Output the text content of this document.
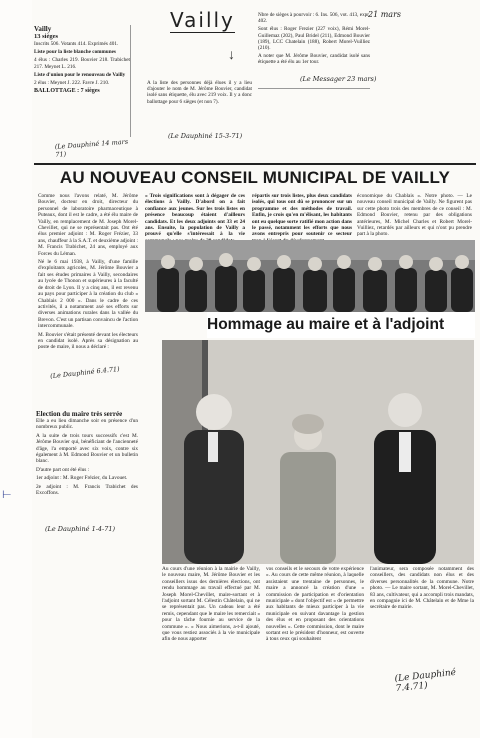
Vailly
13 sièges

Inscrits 506. Votants 414. Exprimés 401.

Liste pour la liste blanche communes

4 élus : Charles 219. Bouvier 218. Trabichet 217. Meynet L. 216.

Liste d'union pour le renouveau de Vailly

2 élus : Meynet J. 222. Favre J. 210.

BALLOTTAGE : 7 sièges

(Le Dauphiné 14 mars 71)
Vailly
↓

A la liste des personnes déjà élues il y a lieu d'ajouter le nom de M. Jérôme Bouvier, candidat isolé sans étiquette, élu avec 219 voix. Il y a donc ballottage pour 6 sièges (et non 7).

(Le Dauphiné 15-3-71)

Nbre de sièges à pourvoir : 6. Ins. 506, vot. 413, expr. 402.

Sont élus : Roger Frezier (227 voix), Rémi Morel-Guillemaz (202), Paul Bridel (211), Edmond Bouvier (189), LCC Chatelain (188), Robert Morel-Vuilliez (210).

A noter que M. Jérôme Bouvier, candidat isolé sans étiquette a été élu au 1er tour.

21 mars
(Le Messager 23 mars)
AU NOUVEAU CONSEIL MUNICIPAL DE VAILLY

Comme nous l'avons relaté, M. Jérôme Bouvier, docteur en droit, directeur du personnel de laboratoire pharmaceutique à Puteaux, dont il est le cadre, a été élu maire de Vailly, en remplacement de M. Joseph Morel-Chevillet, qui ne se représentait pas. Ont été élus premier adjoint : M. Roger Frézier, 33 ans, chauffeur à la S.A.T. et deuxième adjoint : M. Francis Trabichet, 24 ans, employé aux Forces du Léman.

Né le 6 mai 1938, à Vailly, d'une famille d'exploitants agricoles, M. Jérôme Bouvier a fait ses études primaires à Vailly, secondaires au lycée de Thonon et supérieures à la faculté de droit de Lyon. Il y a cinq ans, il est revenu au pays pour participer à la création du club « Chablais 2 000 ». Dans le cadre de ces activités, il a notamment axé ses efforts sur diverses animations rurales dans la vallée du Brevon. C'est un partisan convaincu de l'action intercommunale.

M. Bouvier s'était présenté devant les électeurs en candidat isolé. Après sa désignation au poste de maire, il nous a déclaré :

(Le Dauphiné 6.4.71)

« Trois significations sont à dégager de ces élections à Vailly. D'abord on a fait confiance aux jeunes. Sur les trois listes en présence beaucoup étaient d'ailleurs candidats. Et les deux adjoints ont 33 et 24 ans. Ensuite, la population de Vailly a prouvé qu'elle s'intéressait à la vie

répartis sur trois listes, plus deux candidats isolés, qui tous ont dû se prononcer sur un programme et des méthodes de travail. Enfin, je crois qu'en m'élisant, les habitants ont eu quelque sorte ratifié mon action dans le passé, notamment les efforts que nous avons entrepris pour soutenir ce secteur

économique du Chablais ». Notre photo. — Le nouveau conseil municipal de Vailly. Ne figurent pas sur cette photo trois des membres de ce conseil : M. Edmond Bouvier, retenu par des obligations antérieures, M. Michel Charles et Robert Morel-Vuilliez, retardés par ailleurs et qui n'ont pu prendre part à la photo.

Hommage au maire et à l'adjoint
Election du maire très serrée

Elle a eu lieu dimanche soir en présence d'un nombreux public.

A la suite de trois tours successifs c'est M. Jérôme Bouvier qui, bénéficiant de l'ancienneté d'âge, l'a emporté avec six voix, contre six également à M. Edmond Bouvier et un bulletin blanc.

D'autre part ont été élus :

1er adjoint : M. Roger Frézier, du Lavouet.

2e adjoint : M. Francis Trabichet des Excoffons.

(Le Dauphiné 1-4-71)
⊢

Au cours d'une réunion à la mairie de Vailly, le nouveau maire, M. Jérôme Bouvier et les conseillers issus des dernières élections, ont rendu hommage au travail effectué par M. Joseph Morel-Chevillet, maire-sortant et à l'adjoint sortant M. Célestin Châtelain, qui ne se représentait pas. Un cadeau leur a été remis, cependant que le maire les remerciait « pour la tâche fournie au service de la commune ». « Nous aimerions, a-t-il ajouté, que vous restiez associés à la vie municipale afin de nous apporter

vos conseils et le secours de votre expérience ». Au cours de cette même réunion, à laquelle assistaient une trentaine de personnes, le maire a annoncé la création d'une « commission de participation et d'orientation municipale » dont l'objectif est « de permettre aux habitants de mieux participer à la vie municipale en suivant davantage la gestion des élus et en proposant des orientations nouvelles ». Cette commission, dont le maire sortant est le président d'honneur, est ouverte à tous ceux qui souhaitent

l'animateur, sera composée notamment des conseillers, des candidats non élus et des diverses personnalités de la commune. Notre photo. — Le maire sortant, M. Morel-Chevillet, 83 ans, cultivateur, qui a accompli trois mandats, en compagnie ici de M. Châtelain et de Mme la secrétaire de mairie.

(Le Dauphiné 7.4.71)
